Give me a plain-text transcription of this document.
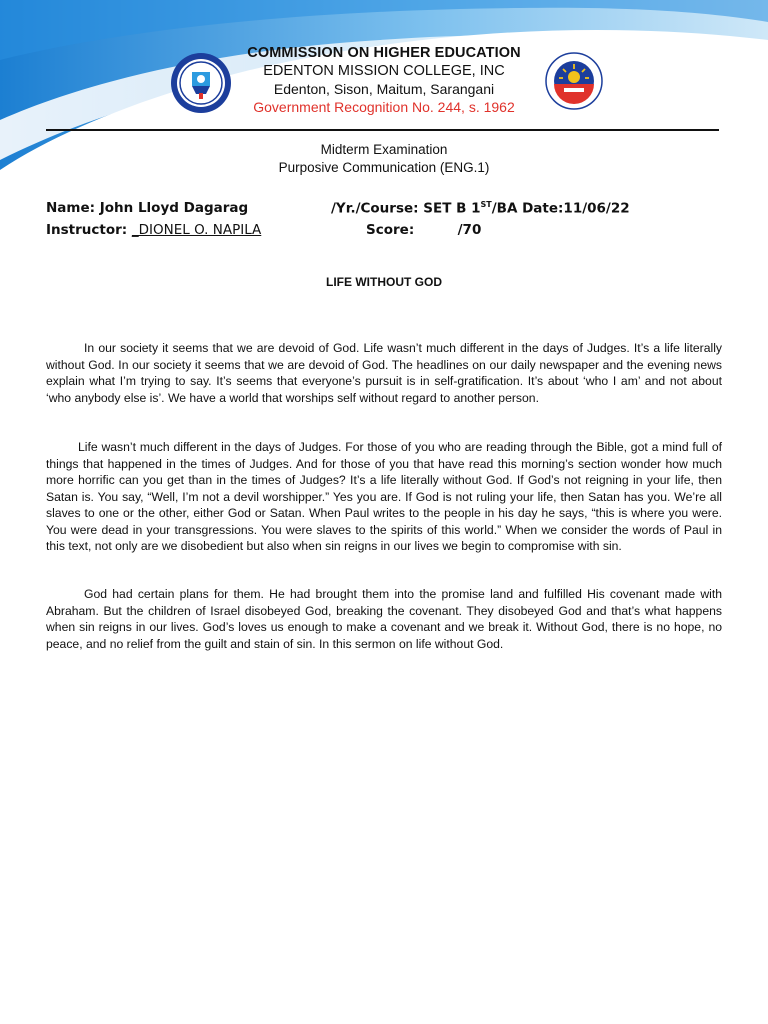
COMMISSION ON HIGHER EDUCATION
EDENTON MISSION COLLEGE, INC
Edenton, Sison, Maitum, Sarangani
Government Recognition No. 244, s. 1962
Midterm Examination
Purposive Communication (ENG.1)
Name: John Lloyd Dagarag	/Yr./Course: SET B 1ST/BA Date:11/06/22
Instructor: _DIONEL O. NAPILA	Score:	/70
LIFE WITHOUT GOD
In our society it seems that we are devoid of God. Life wasn’t much different in the days of Judges. It’s a life literally without God. In our society it seems that we are devoid of God. The headlines on our daily newspaper and the evening news explain what I’m trying to say. It’s seems that everyone’s pursuit is in self-gratification. It’s about ‘who I am’ and not about ‘who anybody else is’. We have a world that worships self without regard to another person.
Life wasn’t much different in the days of Judges. For those of you who are reading through the Bible, got a mind full of things that happened in the times of Judges. And for those of you that have read this morning’s section wonder how much more horrific can you get than in the times of Judges? It’s a life literally without God. If God’s not reigning in your life, then Satan is. You say, “Well, I’m not a devil worshipper.” Yes you are. If God is not ruling your life, then Satan has you. We’re all slaves to one or the other, either God or Satan. When Paul writes to the people in his day he says, “this is where you were. You were dead in your transgressions. You were slaves to the spirits of this world.” When we consider the words of Paul in this text, not only are we disobedient but also when sin reigns in our lives we begin to compromise with sin.
God had certain plans for them. He had brought them into the promise land and fulfilled His covenant made with Abraham. But the children of Israel disobeyed God, breaking the covenant. They disobeyed God and that’s what happens when sin reigns in our lives. God’s loves us enough to make a covenant and we break it. Without God, there is no hope, no peace, and no relief from the guilt and stain of sin. In this sermon on life without God.
